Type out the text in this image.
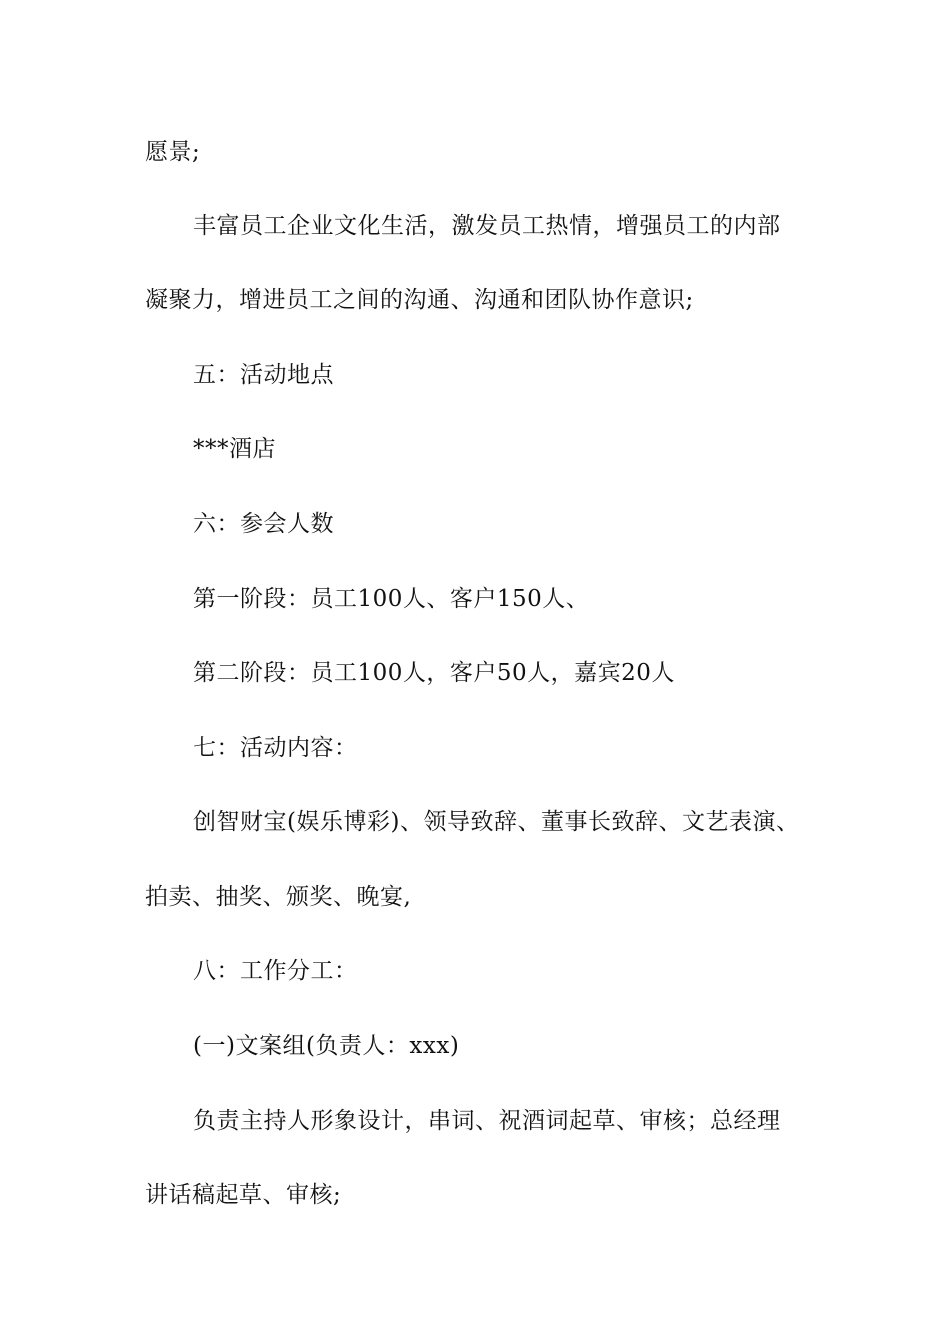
愿景;
丰富员工企业文化生活，激发员工热情，增强员工的内部
凝聚力，增进员工之间的沟通、沟通和团队协作意识;
五：活动地点
***酒店
六：参会人数
第一阶段：员工100人、客户150人、
第二阶段：员工100人，客户50人，嘉宾20人
七：活动内容：
创智财宝(娱乐博彩)、领导致辞、董事长致辞、文艺表演、
拍卖、抽奖、颁奖、晚宴,
八：工作分工：
(一)文案组(负责人：xxx)
负责主持人形象设计，串词、祝酒词起草、审核；总经理
讲话稿起草、审核;
